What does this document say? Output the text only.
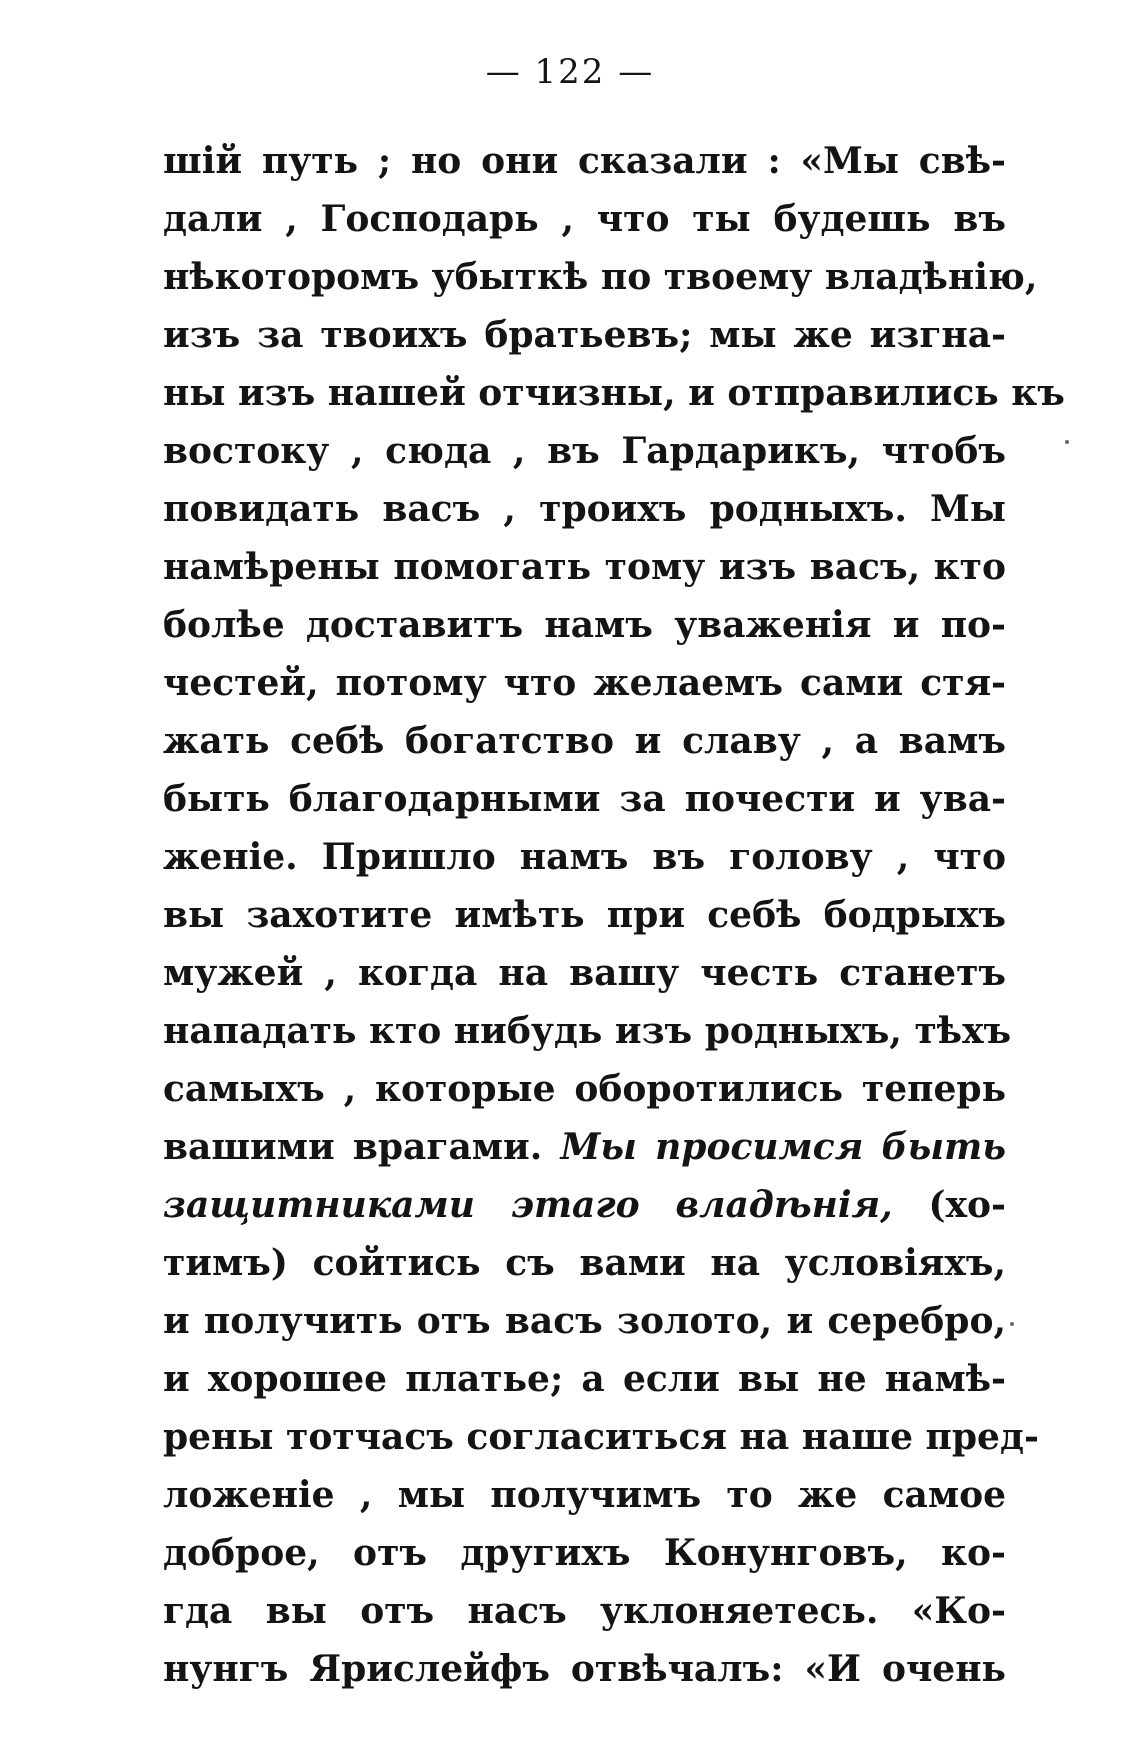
— 122 —
шій путь ; но они сказали : «Мы свѣ-
дали , Господарь , что ты будешь въ
нѣкоторомъ убыткѣ по твоему владѣнію,
изъ за твоихъ братьевъ; мы же изгна-
ны изъ нашей отчизны, и отправились къ
востоку , сюда , въ Гардарикъ, чтобъ
повидать васъ , троихъ родныхъ. Мы
намѣрены помогать тому изъ васъ, кто
болѣе доставитъ намъ уваженія и по-
честей, потому что желаемъ сами стя-
жать себѣ богатство и славу , а вамъ
быть благодарными за почести и ува-
женіе. Пришло намъ въ голову , что
вы захотите имѣть при себѣ бодрыхъ
мужей , когда на вашу честь станетъ
нападать кто нибудь изъ родныхъ, тѣхъ
самыхъ , которые оборотились теперь
вашими врагами. Мы просимся быть
защитниками этаго владѣнія, (хо-
тимъ) сойтись съ вами на условіяхъ,
и получить отъ васъ золото, и серебро,
и хорошее платье; а если вы не намѣ-
рены тотчасъ согласиться на наше пред-
ложеніе , мы получимъ то же самое
доброе, отъ другихъ Конунговъ, ко-
гда вы отъ насъ уклоняетесь. «Ко-
нунгъ Ярислейфъ отвѣчалъ: «И очень
